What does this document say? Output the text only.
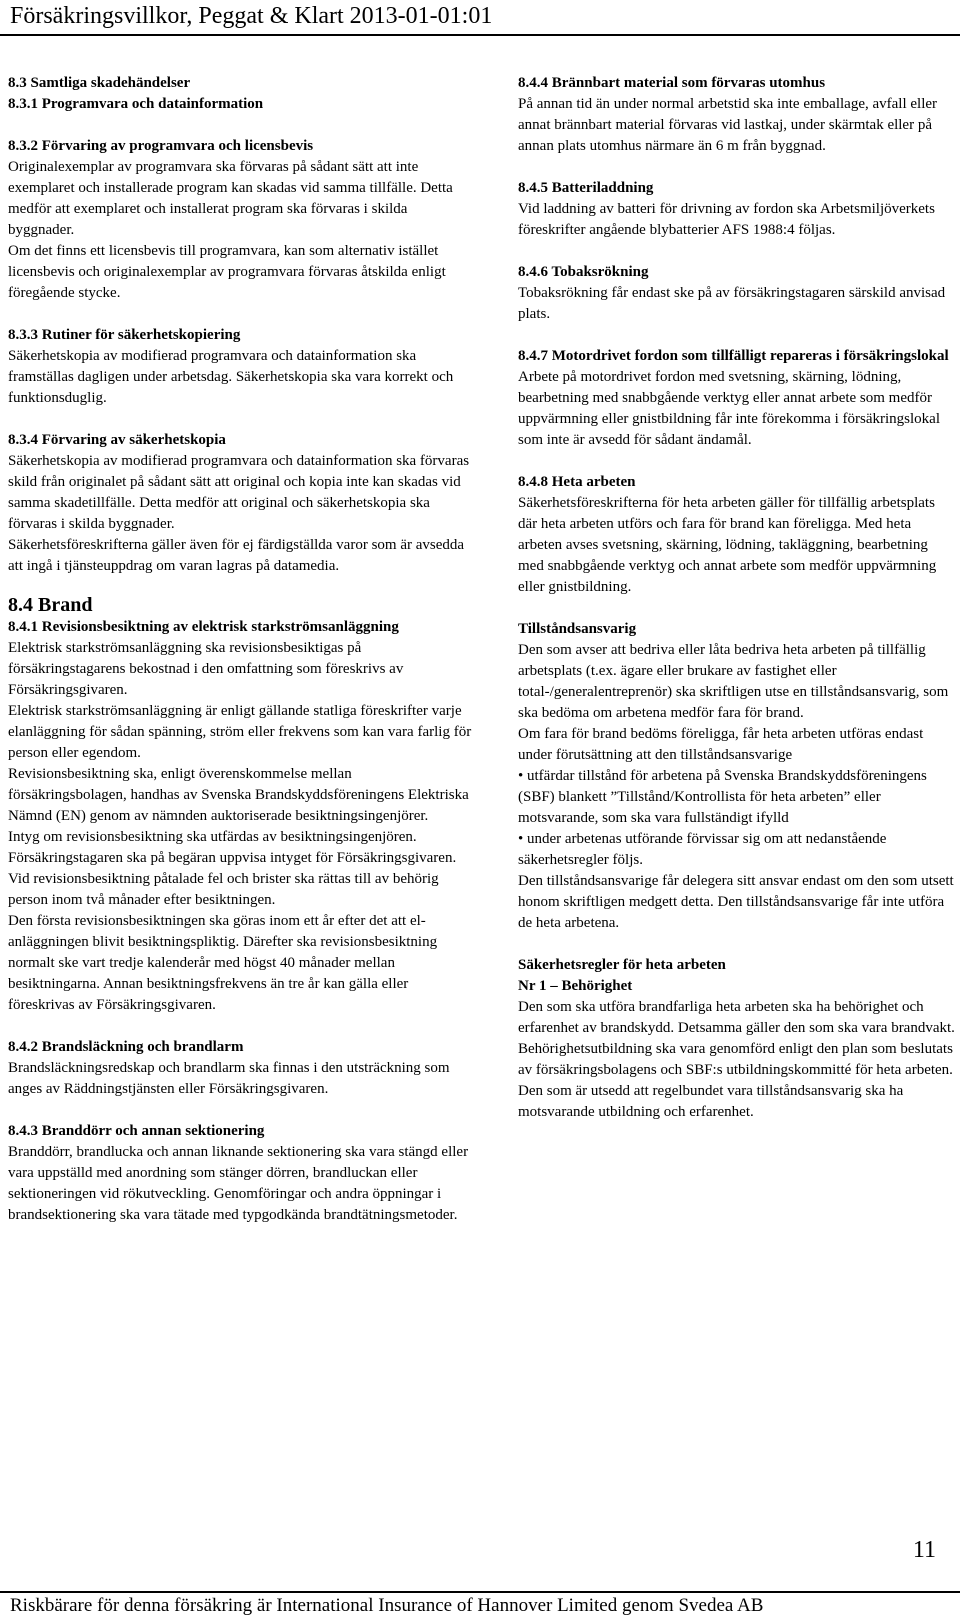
Försäkringsvillkor, Peggat & Klart 2013-01-01:01

8.3 Samtliga skadehändelser

8.3.1 Programvara och datainformation

8.3.2 Förvaring av programvara och licensbevis

Originalexemplar av programvara ska förvaras på sådant sätt att inte exemplaret och installerade program kan skadas vid samma tillfälle. Detta medför att exemplaret och installerat program ska förvaras i skilda byggnader.

Om det finns ett licensbevis till programvara, kan som alternativ istället licensbevis och originalexemplar av programvara förvaras åtskilda enligt föregående stycke.

8.3.3 Rutiner för säkerhetskopiering

Säkerhetskopia av modifierad programvara och datainformation ska framställas dagligen under arbetsdag. Säkerhetskopia ska vara korrekt och funktionsduglig.

8.3.4 Förvaring av säkerhetskopia

Säkerhetskopia av modifierad programvara och datainformation ska förvaras skild från originalet på sådant sätt att original och kopia inte kan skadas vid samma skadetillfälle. Detta medför att original och säkerhetskopia ska förvaras i skilda byggnader.

Säkerhetsföreskrifterna gäller även för ej färdigställda varor som är avsedda att ingå i tjänsteuppdrag om varan lagras på datamedia.

8.4 Brand

8.4.1 Revisionsbesiktning av elektrisk starkströmsanläggning

Elektrisk starkströmsanläggning ska revisionsbesiktigas på försäkringstagarens bekostnad i den omfattning som föreskrivs av Försäkringsgivaren.

Elektrisk starkströmsanläggning är enligt gällande statliga föreskrifter varje elanläggning för sådan spänning, ström eller frekvens som kan vara farlig för person eller egendom.

Revisionsbesiktning ska, enligt överenskommelse mellan försäkringsbolagen, handhas av Svenska Brandskyddsföreningens Elektriska Nämnd (EN) genom av nämnden auktoriserade besiktningsingenjörer.

Intyg om revisionsbesiktning ska utfärdas av besiktningsingenjören. Försäkringstagaren ska på begäran uppvisa intyget för Försäkringsgivaren.

Vid revisionsbesiktning påtalade fel och brister ska rättas till av behörig person inom två månader efter besiktningen.

Den första revisionsbesiktningen ska göras inom ett år efter det att el-anläggningen blivit besiktningspliktig. Därefter ska revisionsbesiktning normalt ske vart tredje kalenderår med högst 40 månader mellan besiktningarna. Annan besiktningsfrekvens än tre år kan gälla eller föreskrivas av Försäkringsgivaren.

8.4.2 Brandsläckning och brandlarm

Brandsläckningsredskap och brandlarm ska finnas i den utsträckning som anges av Räddningstjänsten eller Försäkringsgivaren.

8.4.3 Branddörr och annan sektionering

Branddörr, brandlucka och annan liknande sektionering ska vara stängd eller vara uppställd med anordning som stänger dörren, brandluckan eller sektioneringen vid rökutveckling. Genomföringar och andra öppningar i brandsektionering ska vara tätade med typgodkända brandtätningsmetoder.

8.4.4 Brännbart material som förvaras utomhus

På annan tid än under normal arbetstid ska inte emballage, avfall eller annat brännbart material förvaras vid lastkaj, under skärmtak eller på annan plats utomhus närmare än 6 m från byggnad.

8.4.5 Batteriladdning

Vid laddning av batteri för drivning av fordon ska Arbetsmiljöverkets föreskrifter angående blybatterier AFS 1988:4 följas.

8.4.6 Tobaksrökning

Tobaksrökning får endast ske på av försäkringstagaren särskild anvisad plats.

8.4.7 Motordrivet fordon som tillfälligt repareras i försäkringslokal

Arbete på motordrivet fordon med svetsning, skärning, lödning, bearbetning med snabbgående verktyg eller annat arbete som medför uppvärmning eller gnistbildning får inte förekomma i försäkringslokal som inte är avsedd för sådant ändamål.

8.4.8 Heta arbeten

Säkerhetsföreskrifterna för heta arbeten gäller för tillfällig arbetsplats där heta arbeten utförs och fara för brand kan föreligga. Med heta arbeten avses svetsning, skärning, lödning, takläggning, bearbetning med snabbgående verktyg och annat arbete som medför uppvärmning eller gnistbildning.

Tillståndsansvarig

Den som avser att bedriva eller låta bedriva heta arbeten på tillfällig arbetsplats (t.ex. ägare eller brukare av fastighet eller total-/generalentreprenör) ska skriftligen utse en tillståndsansvarig, som ska bedöma om arbetena medför fara för brand.

Om fara för brand bedöms föreligga, får heta arbeten utföras endast under förutsättning att den tillståndsansvarige

• utfärdar tillstånd för arbetena på Svenska Brandskyddsföreningens (SBF) blankett ”Tillstånd/Kontrollista för heta arbeten” eller motsvarande, som ska vara fullständigt ifylld

• under arbetenas utförande förvissar sig om att nedanstående säkerhetsregler följs.

Den tillståndsansvarige får delegera sitt ansvar endast om den som utsett honom skriftligen medgett detta. Den tillståndsansvarige får inte utföra de heta arbetena.

Säkerhetsregler för heta arbeten

Nr 1 – Behörighet

Den som ska utföra brandfarliga heta arbeten ska ha behörighet och erfarenhet av brandskydd. Detsamma gäller den som ska vara brandvakt. Behörighetsutbildning ska vara genomförd enligt den plan som beslutats av försäkringsbolagens och SBF:s utbildningskommitté för heta arbeten. Den som är utsedd att regelbundet vara tillståndsansvarig ska ha motsvarande utbildning och erfarenhet.

11
Riskbärare för denna försäkring är International Insurance of Hannover Limited genom Svedea AB
